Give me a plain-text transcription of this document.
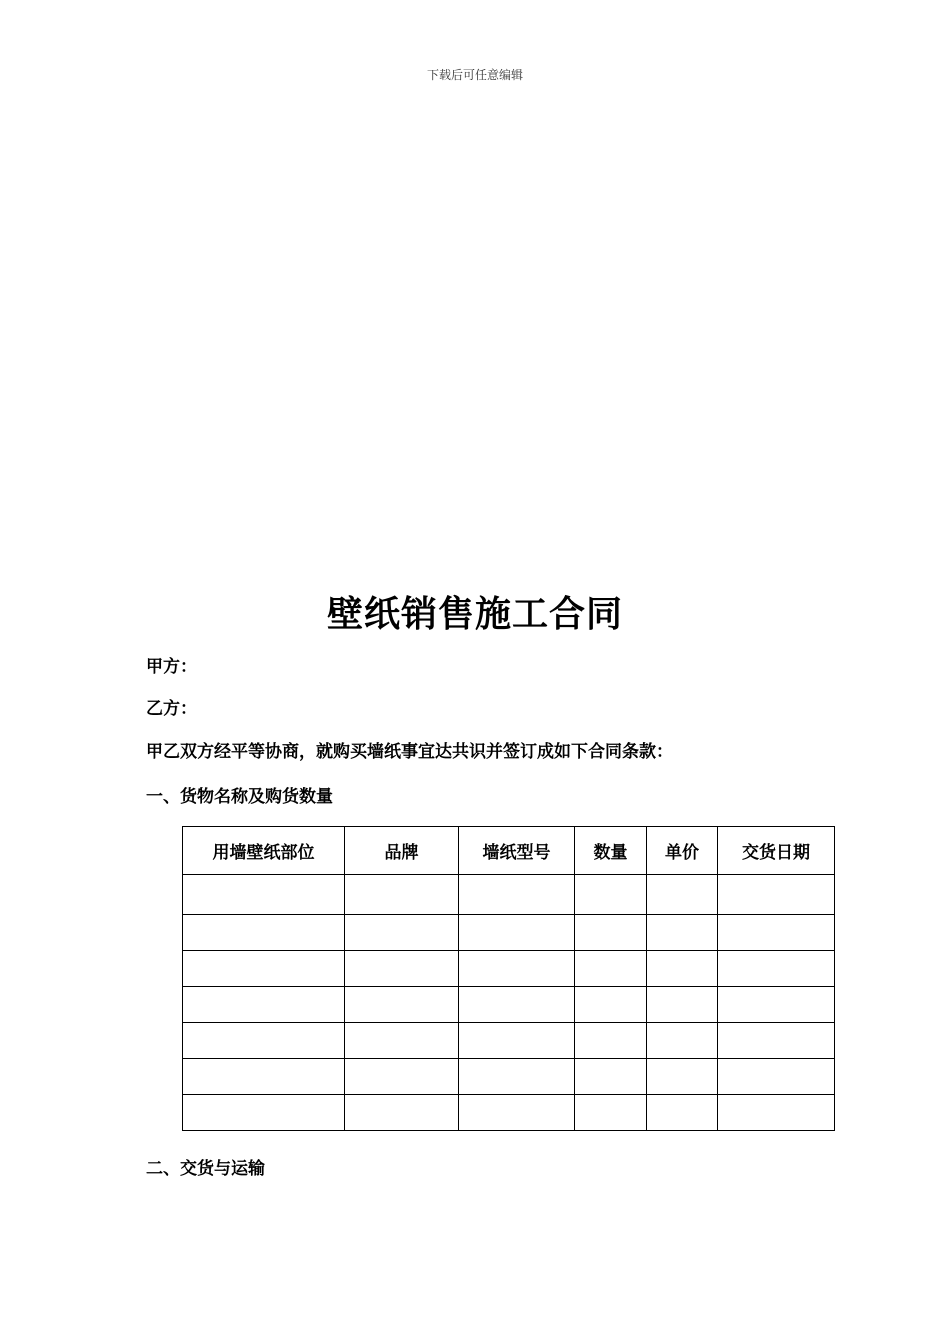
下载后可任意编辑
壁纸销售施工合同
甲方：
乙方：
甲乙双方经平等协商，就购买墙纸事宜达共识并签订成如下合同条款：
一、货物名称及购货数量
用墙壁纸部位	品牌	墙纸型号	数量	单价	交货日期

二、交货与运输
